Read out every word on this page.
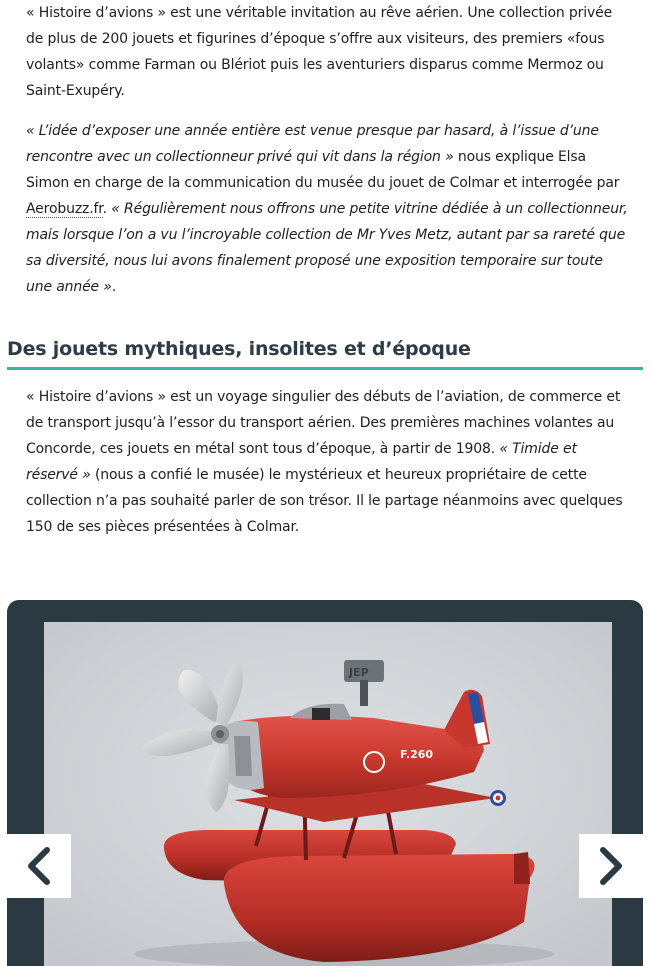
« Histoire d’avions » est une véritable invitation au rêve aérien. Une collection privée de plus de 200 jouets et figurines d’époque s’offre aux visiteurs, des premiers «fous volants» comme Farman ou Blériot puis les aventuriers disparus comme Mermoz ou Saint-Exupéry.

« L’idée d’exposer une année entière est venue presque par hasard, à l’issue d’une rencontre avec un collectionneur privé qui vit dans la région » nous explique Elsa Simon en charge de la communication du musée du jouet de Colmar et interrogée par Aerobuzz.fr. « Régulièrement nous offrons une petite vitrine dédiée à un collectionneur, mais lorsque l’on a vu l’incroyable collection de Mr Yves Metz, autant par sa rareté que sa diversité, nous lui avons finalement proposé une exposition temporaire sur toute une année ».

Des jouets mythiques, insolites et d’époque

« Histoire d’avions » est un voyage singulier des débuts de l’aviation, de commerce et de transport jusqu’à l’essor du transport aérien. Des premières machines volantes au Concorde, ces jouets en métal sont tous d’époque, à partir de 1908. « Timide et réservé » (nous a confié le musée) le mystérieux et heureux propriétaire de cette collection n’a pas souhaité parler de son trésor. Il le partage néanmoins avec quelques 150 de ses pièces présentées à Colmar.

JEP
F.260
